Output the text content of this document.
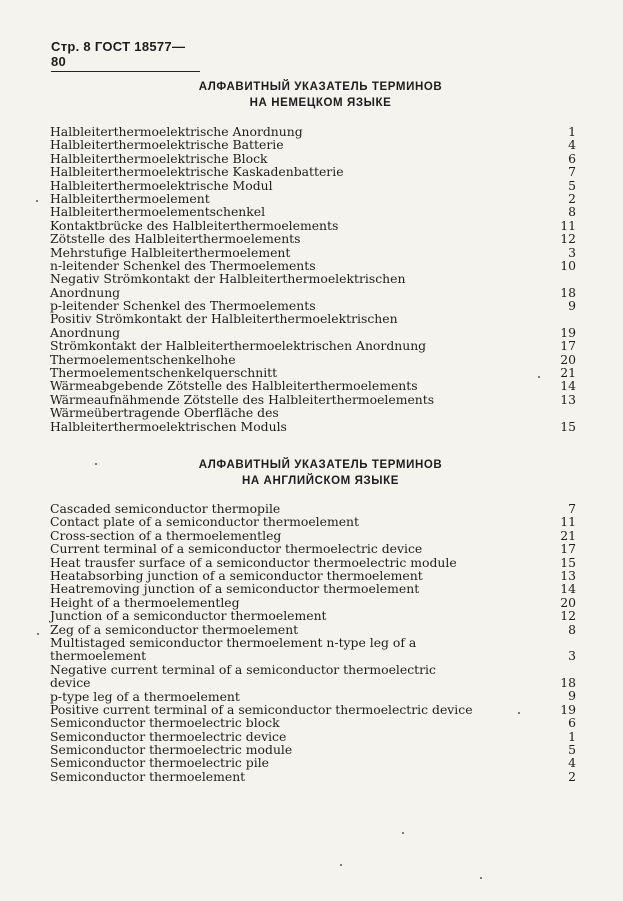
Стр. 8 ГОСТ 18577—80
АЛФАВИТНЫЙ УКАЗАТЕЛЬ ТЕРМИНОВ
НА НЕМЕЦКОМ ЯЗЫКЕ
Halbleiterthermoelektrische Anordnung	1
Halbleiterthermoelektrische Batterie	4
Halbleiterthermoelektrische Block	6
Halbleiterthermoelektrische Kaskadenbatterie	7
Halbleiterthermoelektrische Modul	5
Halbleiterthermoelement	2
Halbleiterthermoelementschenkel	8
Kontaktbrücke des Halbleiterthermoelements	11
Zötstelle des Halbleiterthermoelements	12
Mehrstufige Halbleiterthermoelement	3
n-leitender Schenkel des Thermoelements	10
Negativ Strömkontakt der Halbleiterthermoelektrischen Anordnung	18
p-leitender Schenkel des Thermoelements	9
Positiv Strömkontakt der Halbleiterthermoelektrischen Anordnung	19
Strömkontakt der Halbleiterthermoelektrischen Anordnung	17
Thermoelementschenkelhohe	20
Thermoelementschenkelquerschnitt	21
Wärmeabgebende Zötstelle des Halbleiterthermoelements	14
Wärmeaufnähmende Zötstelle des Halbleiterthermoelements	13
Wärmeübertragende Oberfläche des Halbleiterthermoelektrischen Moduls	15
АЛФАВИТНЫЙ УКАЗАТЕЛЬ ТЕРМИНОВ
НА АНГЛИЙСКОМ ЯЗЫКЕ
Cascaded semiconductor thermopile	7
Contact plate of a semiconductor thermoelement	11
Cross-section of a thermoelementleg	21
Current terminal of a semiconductor thermoelectric device	17
Heat trausfer surface of a semiconductor thermoelectric module	15
Heatabsorbing junction of a semiconductor thermoelement	13
Heatremoving junction of a semiconductor thermoelement	14
Height of a thermoelementleg	20
Junction of a semiconductor thermoelement	12
Zeg of a semiconductor thermoelement	8
Multistaged semiconductor thermoelement n-type leg of a thermoelement	3
Negative current terminal of a semiconductor thermoelectric device	18
p-type leg of a thermoelement	9
Positive current terminal of a semiconductor thermoelectric device	19
Semiconductor thermoelectric block	6
Semiconductor thermoelectric device	1
Semiconductor thermoelectric module	5
Semiconductor thermoelectric pile	4
Semiconductor thermoelement	2
